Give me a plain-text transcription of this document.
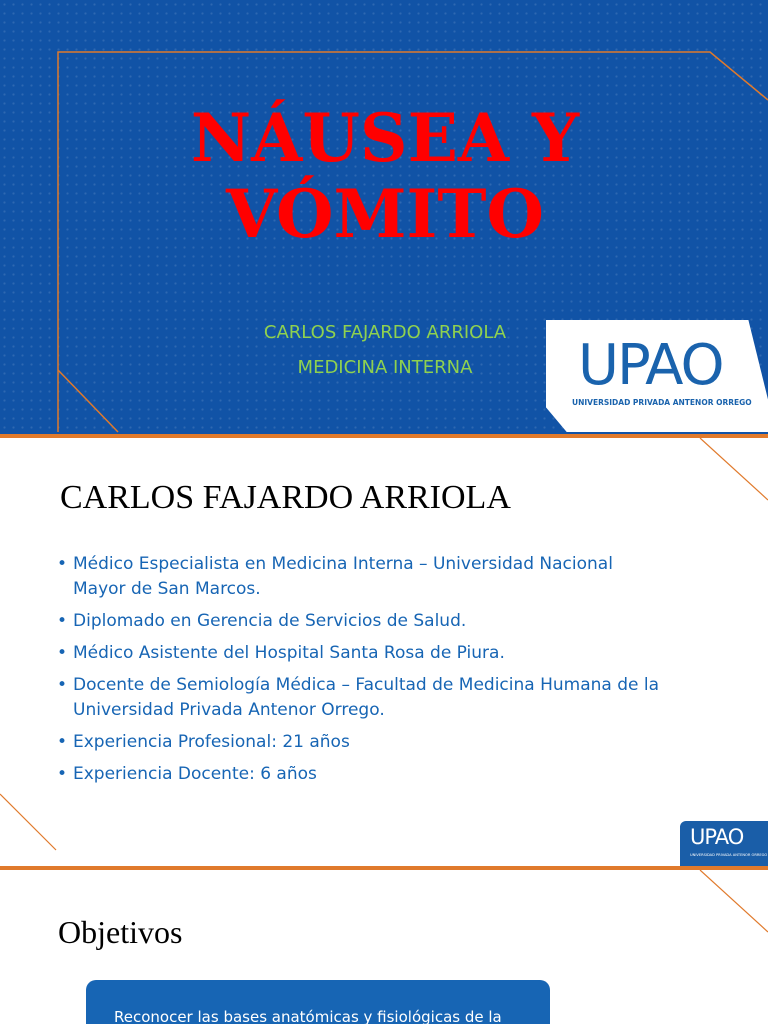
NÁUSEA Y
VÓMITO
CARLOS FAJARDO ARRIOLA
MEDICINA INTERNA	UPAO
UNIVERSIDAD PRIVADA ANTENOR ORREGO
CARLOS FAJARDO ARRIOLA
• Médico Especialista en Medicina Interna – Universidad Nacional
Mayor de San Marcos.
• Diplomado en Gerencia de Servicios de Salud.
• Médico Asistente del Hospital Santa Rosa de Piura.
• Docente de Semiología Médica – Facultad de Medicina Humana de la
Universidad Privada Antenor Orrego.
• Experiencia Profesional: 21 años
• Experiencia Docente: 6 años
UPAO
UNIVERSIDAD PRIVADA ANTENOR ORREGO
Objetivos
Reconocer las bases anatómicas y fisiológicas de la
